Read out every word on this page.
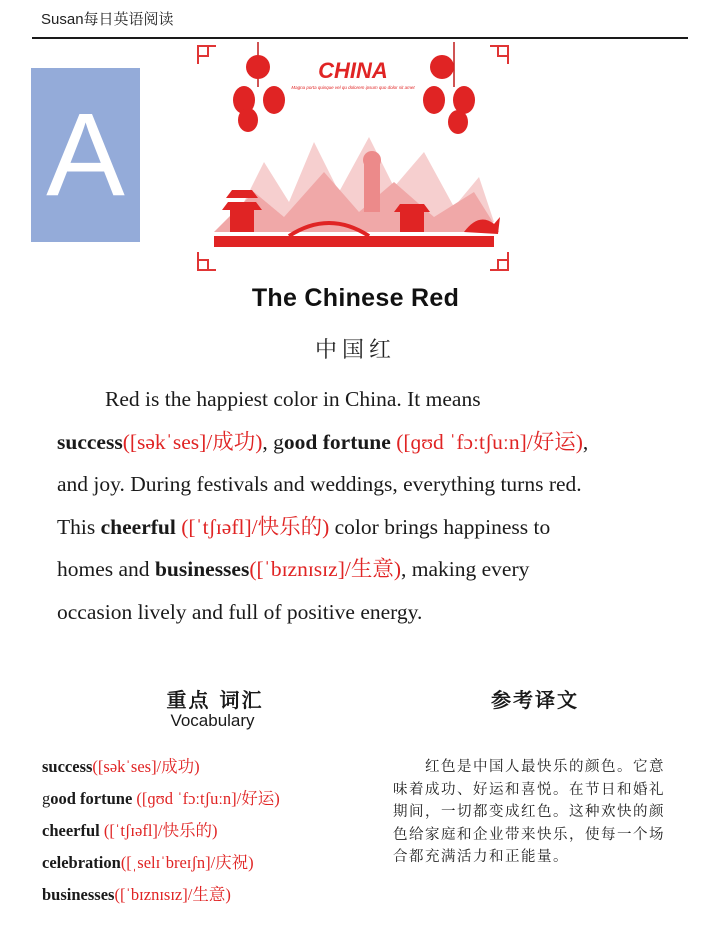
Susan每日英语阅读
A
CHINA
Magna porta quisque vel qu dolorem ipsum quo dolor sit amet
The Chinese Red
中国红

Red is the happiest color in China. It means

success([səkˈses]/成功), good fortune ([ɡʊd ˈfɔːtʃuːn]/好运),

and joy. During festivals and weddings, everything turns red.

This cheerful ([ˈtʃɪəfl]/快乐的) color brings happiness to

homes and businesses([ˈbɪznɪsɪz]/生意), making every

occasion lively and full of positive energy.

重点 词汇
Vocabulary
参考译文
success([səkˈses]/成功)
good fortune ([ɡʊd ˈfɔːtʃuːn]/好运)
cheerful ([ˈtʃɪəfl]/快乐的)
celebration([ˌselɪˈbreɪʃn]/庆祝)
businesses([ˈbɪznɪsɪz]/生意)
　　红色是中国人最快乐的颜色。它意味着成功、好运和喜悦。在节日和婚礼期间，一切都变成红色。这种欢快的颜色给家庭和企业带来快乐，使每一个场合都充满活力和正能量。
